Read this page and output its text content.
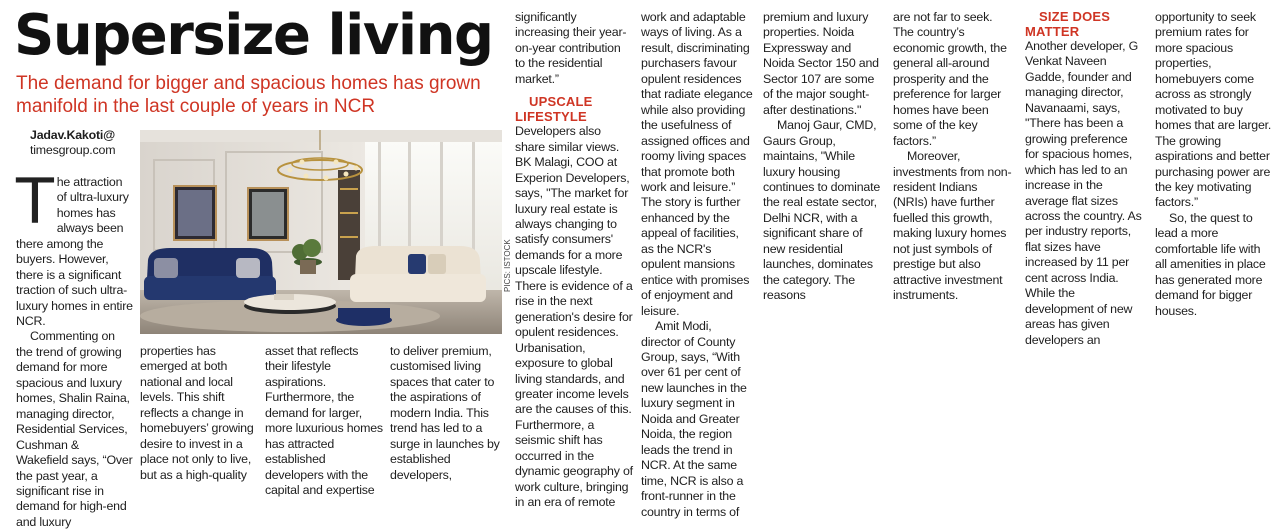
Supersize living

The demand for bigger and spacious homes has grown manifold in the last couple of years in NCR

Jadav.Kakoti@

timesgroup.com

The attraction of ultra-luxury homes has always been there among the buyers. However, there is a significant traction of such ultra-luxury homes in entire NCR.

Commenting on the trend of growing demand for more spacious and luxury homes, Shalin Raina, managing director, Residential Services, Cushman & Wakefield says, “Over the past year, a significant rise in demand for high-end and luxury

PICS: ISTOCK

properties has emerged at both national and local levels. This shift reflects a change in homebuyers’ growing desire to invest in a place not only to live, but as a high-quality

asset that reflects their lifestyle aspirations. Furthermore, the demand for larger, more luxurious homes has attracted established developers with the capital and expertise

to deliver premium, customised living spaces that cater to the aspirations of modern India. This trend has led to a surge in launches by established developers,

significantly increasing their year-on-year contribution to the residential market.”

UPSCALE LIFESTYLE

Developers also share similar views. BK Malagi, COO at Experion Developers, says, "The market for luxury real estate is always changing to satisfy consumers' demands for a more upscale lifestyle. There is evidence of a rise in the next generation's desire for opulent residences. Urbanisation, exposure to global living standards, and greater income levels are the causes of this. Furthermore, a seismic shift has occurred in the dynamic geography of work culture, bringing in an era of remote

work and adaptable ways of living. As a result, discriminating purchasers favour opulent residences that radiate elegance while also providing the usefulness of assigned offices and roomy living spaces that promote both work and leisure.” The story is further enhanced by the appeal of facilities, as the NCR's opulent mansions entice with promises of enjoyment and leisure.

Amit Modi, director of County Group, says, “With over 61 per cent of new launches in the luxury segment in Noida and Greater Noida, the region leads the trend in NCR. At the same time, NCR is also a front-runner in the country in terms of

premium and luxury properties. Noida Expressway and Noida Sector 150 and Sector 107 are some of the major sought-after destinations."

Manoj Gaur, CMD, Gaurs Group, maintains, "While luxury housing continues to dominate the real estate sector, Delhi NCR, with a significant share of new residential launches, dominates the category. The reasons

are not far to seek. The country’s economic growth, the general all-around prosperity and the preference for larger homes have been some of the key factors.”

Moreover, investments from non-resident Indians (NRIs) have further fuelled this growth, making luxury homes not just symbols of prestige but also attractive investment instruments.

SIZE DOES MATTER

Another developer, G Venkat Naveen Gadde, founder and managing director, Navanaami, says, "There has been a growing preference for spacious homes, which has led to an increase in the average flat sizes across the country. As per industry reports, flat sizes have increased by 11 per cent across India. While the development of new areas has given developers an

opportunity to seek premium rates for more spacious properties, homebuyers come across as strongly motivated to buy homes that are larger. The growing aspirations and better purchasing power are the key motivating factors.”

So, the quest to lead a more comfortable life with all amenities in place has generated more demand for bigger houses.
